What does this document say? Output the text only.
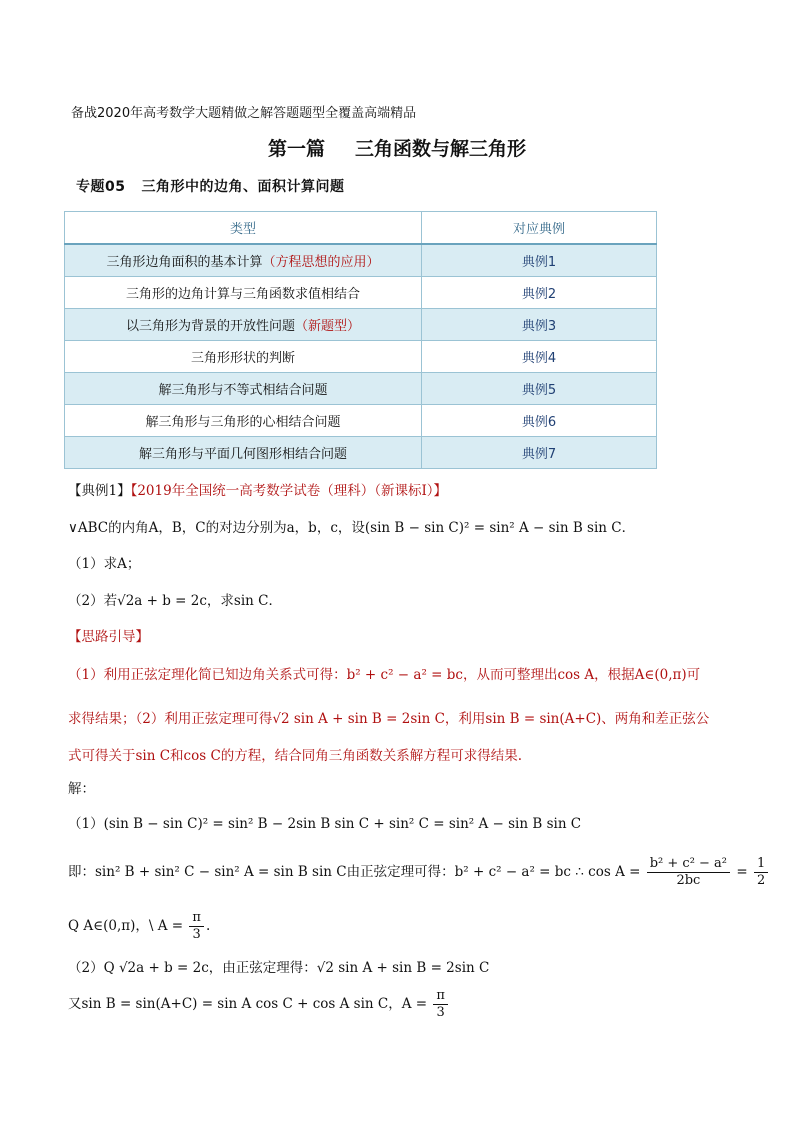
备战2020年高考数学大题精做之解答题题型全覆盖高端精品
第一篇 三角函数与解三角形
专题05 三角形中的边角、面积计算问题
类型	对应典例
三角形边角面积的基本计算（方程思想的应用）	典例1
三角形的边角计算与三角函数求值相结合	典例2
以三角形为背景的开放性问题（新题型）	典例3
三角形形状的判断	典例4
解三角形与不等式相结合问题	典例5
解三角形与三角形的心相结合问题	典例6
解三角形与平面几何图形相结合问题	典例7
【典例1】【2019年全国统一高考数学试卷（理科）（新课标Ⅰ）】
∨ABC的内角A，B，C的对边分别为a，b，c，设(sin B − sin C)² = sin² A − sin B sin C．
（1）求A；
（2）若√2a + b = 2c，求sin C．
【思路引导】
（1）利用正弦定理化简已知边角关系式可得：b² + c² − a² = bc，从而可整理出cos A，根据A∈(0,π)可
求得结果；（2）利用正弦定理可得√2 sin A + sin B = 2sin C，利用sin B = sin(A+C)、两角和差正弦公
式可得关于sin C和cos C的方程，结合同角三角函数关系解方程可求得结果.
解：
（1）(sin B − sin C)² = sin² B − 2sin B sin C + sin² C = sin² A − sin B sin C
即：sin² B + sin² C − sin² A = sin B sin C由正弦定理可得：b² + c² − a² = bc ∴ $\cos A = \frac{\text{b² + c² − a²}}{2bc} = \frac{1}{2}$
Q A∈(0,π)，\ $A = \frac{\pi}{3}$ .
（2）Q √2a + b = 2c，由正弦定理得：√2 sin A + sin B = 2sin C
又sin B = sin(A+C) = sin A cos C + cos A sin C，$A = \frac{\pi}{3}$
